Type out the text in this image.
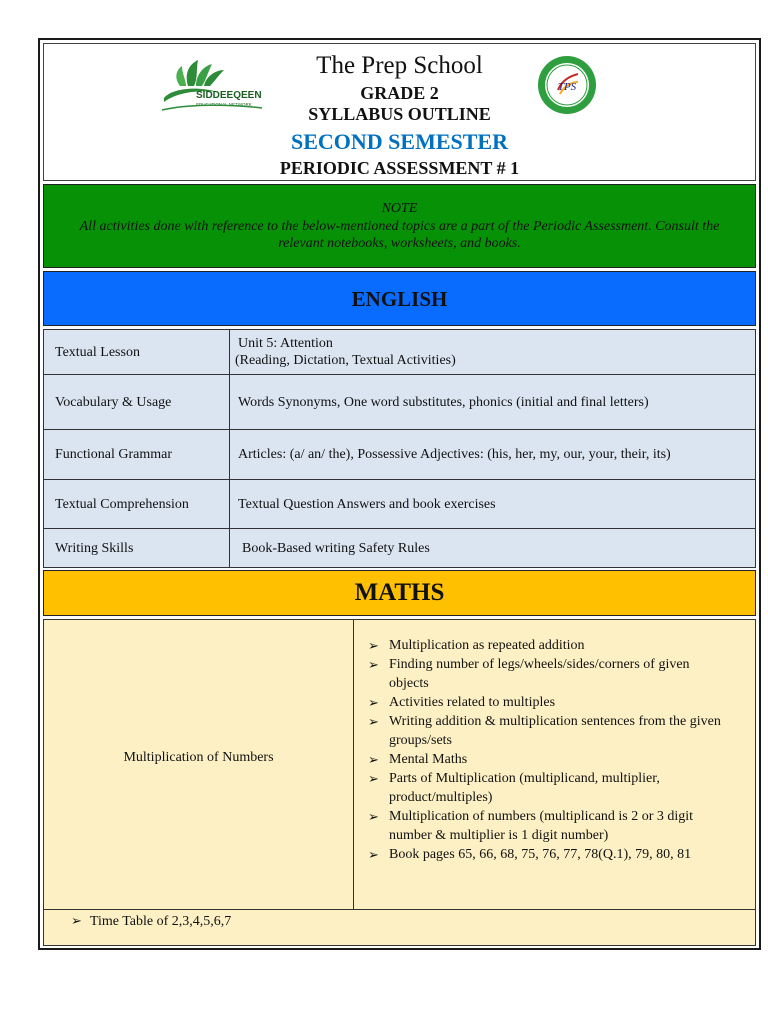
SIDDEEQEEN
EDUCATIONAL NETWORK
The Prep School
GRADE 2
SYLLABUS OUTLINE
SECOND SEMESTER
PERIODIC ASSESSMENT # 1
TPS
NOTE
All activities done with reference to the below-mentioned topics are a part of the Periodic Assessment. Consult the relevant notebooks, worksheets, and books.
ENGLISH
Textual Lesson	Unit 5: Attention
(Reading, Dictation, Textual Activities)

Vocabulary & Usage	Words Synonyms, One word substitutes, phonics (initial and final letters)
Functional Grammar	Articles: (a/ an/ the), Possessive Adjectives: (his, her, my, our, your, their, its)
Textual Comprehension	Textual Question Answers and book exercises
Writing Skills	Book-Based writing Safety Rules
MATHS
Multiplication of Numbers
➢ Multiplication as repeated addition
➢ Finding number of legs/wheels/sides/corners of given objects
➢ Activities related to multiples
➢ Writing addition & multiplication sentences from the given groups/sets
➢ Mental Maths
➢ Parts of Multiplication (multiplicand, multiplier, product/multiples)
➢ Multiplication of numbers (multiplicand is 2 or 3 digit number & multiplier is 1 digit number)
➢ Book pages 65, 66, 68, 75, 76, 77, 78(Q.1), 79, 80, 81
➢ Time Table of 2,3,4,5,6,7
